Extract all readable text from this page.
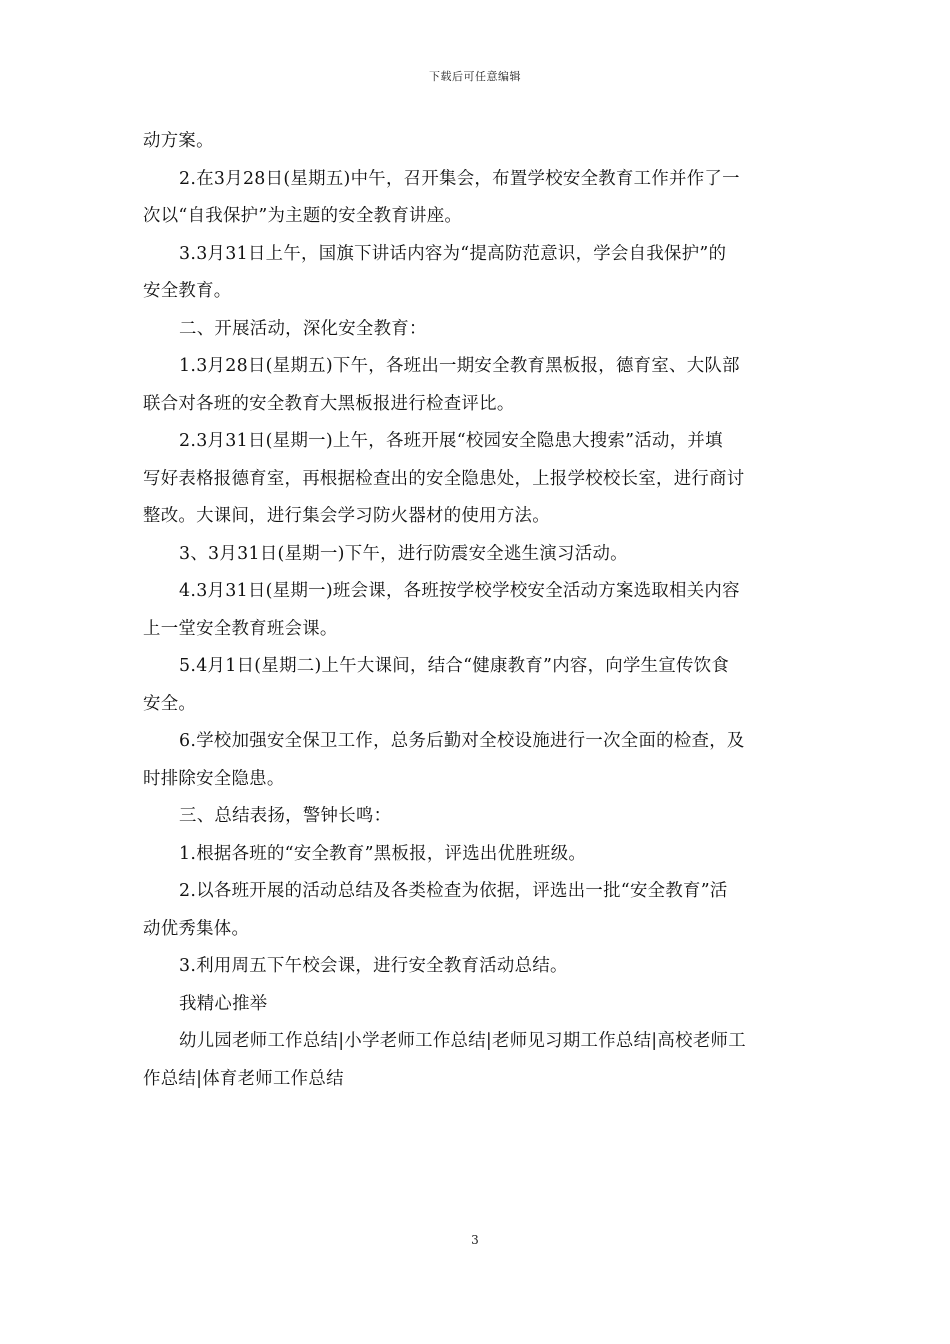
下载后可任意编辑
动方案。
2.在3月28日(星期五)中午，召开集会，布置学校安全教育工作并作了一
次以“自我保护”为主题的安全教育讲座。
3.3月31日上午，国旗下讲话内容为“提高防范意识，学会自我保护”的
安全教育。
二、开展活动，深化安全教育：
1.3月28日(星期五)下午，各班出一期安全教育黑板报，德育室、大队部
联合对各班的安全教育大黑板报进行检查评比。
2.3月31日(星期一)上午，各班开展“校园安全隐患大搜索”活动，并填
写好表格报德育室，再根据检查出的安全隐患处，上报学校校长室，进行商讨
整改。大课间，进行集会学习防火器材的使用方法。
3、3月31日(星期一)下午，进行防震安全逃生演习活动。
4.3月31日(星期一)班会课，各班按学校学校安全活动方案选取相关内容
上一堂安全教育班会课。
5.4月1日(星期二)上午大课间，结合“健康教育”内容，向学生宣传饮食
安全。
6.学校加强安全保卫工作，总务后勤对全校设施进行一次全面的检查，及
时排除安全隐患。
三、总结表扬，警钟长鸣：
1.根据各班的“安全教育”黑板报，评选出优胜班级。
2.以各班开展的活动总结及各类检查为依据，评选出一批“安全教育”活
动优秀集体。
3.利用周五下午校会课，进行安全教育活动总结。
我精心推举
幼儿园老师工作总结|小学老师工作总结|老师见习期工作总结|高校老师工
作总结|体育老师工作总结
3
